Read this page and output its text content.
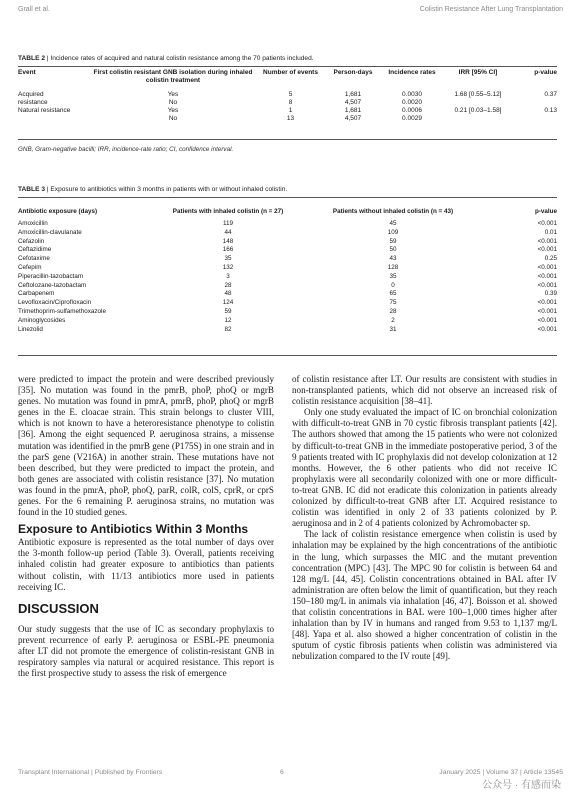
Grall et al.	Colistin Resistance After Lung Transplantation
TABLE 2 | Incidence rates of acquired and natural colistin resistance among the 70 patients included.
Event	First colistin resistant GNB isolation during inhaled colistin treatment	Number of events	Person-days	Incidence rates	IRR [95% CI]	p-value
Acquired	Yes	5	1,681	0.0030	1.68 [0.55–5.12]	0.37
resistance	No	8	4,507	0.0020		
Natural resistance	Yes	1	1,681	0.0006	0.21 [0.03–1.58]	0.13
	No	13	4,507	0.0029		
GNB, Gram-negative bacilli; IRR, incidence-rate ratio; CI, confidence interval.
TABLE 3 | Exposure to antibiotics within 3 months in patients with or without inhaled colistin.
Antibiotic exposure (days)	Patients with inhaled colistin (n = 27)	Patients without inhaled colistin (n = 43)	p-value
Amoxicillin	119	45	<0.001
Amoxicillin-clavulanate	44	109	0.01
Cefazolin	148	59	<0.001
Ceftazidime	166	50	<0.001
Cefotaxime	35	43	0.25
Cefepim	132	128	<0.001
Piperacillin-tazobactam	3	35	<0.001
Ceftolozane-tazobactam	28	0	<0.001
Carbapenem	48	65	0.39
Levofloxacin/Ciprofloxacin	124	75	<0.001
Trimethoprim-sulfamethoxazole	59	28	<0.001
Aminoglycosides	12	2	<0.001
Linezolid	82	31	<0.001

were predicted to impact the protein and were described previously [35]. No mutation was found in the pmrB, phoP, phoQ or mgrB genes. No mutation was found in pmrA, pmrB, phoP, phoQ or mgrB genes in the E. cloacae strain. This strain belongs to cluster VIII, which is not known to have a heteroresistance phenotype to colistin [36]. Among the eight sequenced P. aeruginosa strains, a missense mutation was identified in the pmrB gene (P175S) in one strain and in the parS gene (V216A) in another strain. These mutations have not been described, but they were predicted to impact the protein, and both genes are associated with colistin resistance [37]. No mutation was found in the pmrA, phoP, phoQ, parR, colR, colS, cprR, or cprS genes. For the 6 remaining P. aeruginosa strains, no mutation was found in the 10 studied genes.

Exposure to Antibiotics Within 3 Months

Antibiotic exposure is represented as the total number of days over the 3-month follow-up period (Table 3). Overall, patients receiving inhaled colistin had greater exposure to antibiotics than patients without colistin, with 11/13 antibiotics more used in patients receiving IC.

DISCUSSION

Our study suggests that the use of IC as secondary prophylaxis to prevent recurrence of early P. aeruginosa or ESBL-PE pneumonia after LT did not promote the emergence of colistin-resistant GNB in respiratory samples via natural or acquired resistance. This report is the first prospective study to assess the risk of emergence

of colistin resistance after LT. Our results are consistent with studies in non-transplanted patients, which did not observe an increased risk of colistin resistance acquisition [38–41].

Only one study evaluated the impact of IC on bronchial colonization with difficult-to-treat GNB in 70 cystic fibrosis transplant patients [42]. The authors showed that among the 15 patients who were not colonized by difficult-to-treat GNB in the immediate postoperative period, 3 of the 9 patients treated with IC prophylaxis did not develop colonization at 12 months. However, the 6 other patients who did not receive IC prophylaxis were all secondarily colonized with one or more difficult-to-treat GNB. IC did not eradicate this colonization in patients already colonized by difficult-to-treat GNB after LT. Acquired resistance to colistin was identified in only 2 of 33 patients colonized by P. aeruginosa and in 2 of 4 patients colonized by Achromobacter sp.

The lack of colistin resistance emergence when colistin is used by inhalation may be explained by the high concentrations of the antibiotic in the lung, which surpasses the MIC and the mutant prevention concentration (MPC) [43]. The MPC 90 for colistin is between 64 and 128 mg/L [44, 45]. Colistin concentrations obtained in BAL after IV administration are often below the limit of quantification, but they reach 150–180 mg/L in animals via inhalation [46, 47]. Boisson et al. showed that colistin concentrations in BAL were 100–1,000 times higher after inhalation than by IV in humans and ranged from 9.53 to 1,137 mg/L [48]. Yapa et al. also showed a higher concentration of colistin in the sputum of cystic fibrosis patients when colistin was administered via nebulization compared to the IV route [49].

Transplant International | Published by Frontiers	6	January 2025 | Volume 37 | Article 13545
公众号 · 有感而染
